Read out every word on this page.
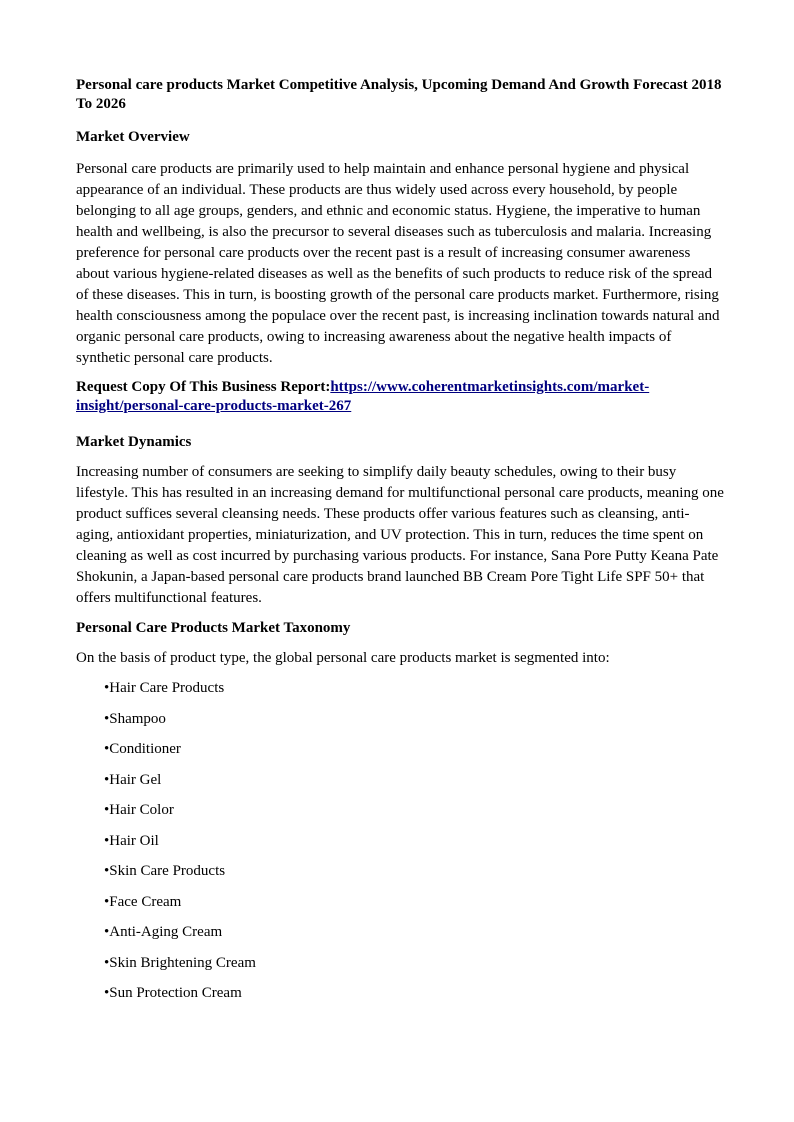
Personal care products Market Competitive Analysis, Upcoming Demand And Growth Forecast 2018 To 2026
Market Overview

Personal care products are primarily used to help maintain and enhance personal hygiene and physical appearance of an individual. These products are thus widely used across every household, by people belonging to all age groups, genders, and ethnic and economic status. Hygiene, the imperative to human health and wellbeing, is also the precursor to several diseases such as tuberculosis and malaria. Increasing preference for personal care products over the recent past is a result of increasing consumer awareness about various hygiene-related diseases as well as the benefits of such products to reduce risk of the spread of these diseases. This in turn, is boosting growth of the personal care products market. Furthermore, rising health consciousness among the populace over the recent past, is increasing inclination towards natural and organic personal care products, owing to increasing awareness about the negative health impacts of synthetic personal care products.

Request Copy Of This Business Report:https://www.coherentmarketinsights.com/market-insight/personal-care-products-market-267

Market Dynamics

Increasing number of consumers are seeking to simplify daily beauty schedules, owing to their busy lifestyle. This has resulted in an increasing demand for multifunctional personal care products, meaning one product suffices several cleansing needs. These products offer various features such as cleansing, anti-aging, antioxidant properties, miniaturization, and UV protection. This in turn, reduces the time spent on cleaning as well as cost incurred by purchasing various products. For instance, Sana Pore Putty Keana Pate Shokunin, a Japan-based personal care products brand launched BB Cream Pore Tight Life SPF 50+ that offers multifunctional features.

Personal Care Products Market Taxonomy

On the basis of product type, the global personal care products market is segmented into:

•Hair Care Products
•Shampoo
•Conditioner
•Hair Gel
•Hair Color
•Hair Oil
•Skin Care Products
•Face Cream
•Anti-Aging Cream
•Skin Brightening Cream
•Sun Protection Cream
